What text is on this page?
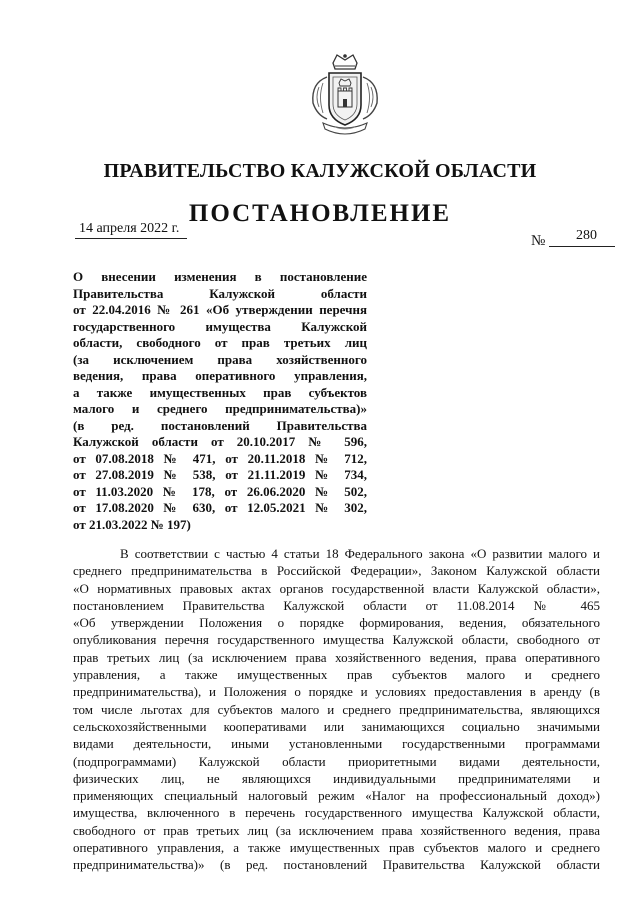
ПРАВИТЕЛЬСТВО КАЛУЖСКОЙ ОБЛАСТИ
ПОСТАНОВЛЕНИЕ
14 апреля 2022 г.
№ 280
О внесении изменения в постановление
Правительства Калужской области
от 22.04.2016 № 261 «Об утверждении перечня
государственного имущества Калужской
области, свободного от прав третьих лиц
(за исключением права хозяйственного
ведения, права оперативного управления,
а также имущественных прав субъектов
малого и среднего предпринимательства)»
(в ред. постановлений Правительства
Калужской области от 20.10.2017 № 596,
от 07.08.2018 № 471, от 20.11.2018 № 712,
от 27.08.2019 № 538, от 21.11.2019 № 734,
от 11.03.2020 № 178, от 26.06.2020 № 502,
от 17.08.2020 № 630, от 12.05.2021 № 302,
от 21.03.2022 № 197)
В соответствии с частью 4 статьи 18 Федерального закона «О развитии малого и
среднего предпринимательства в Российской Федерации», Законом Калужской области
«О нормативных правовых актах органов государственной власти Калужской области»,
постановлением Правительства Калужской области от 11.08.2014 № 465
«Об утверждении Положения о порядке формирования, ведения, обязательного
опубликования перечня государственного имущества Калужской области, свободного от
прав третьих лиц (за исключением права хозяйственного ведения, права оперативного
управления, а также имущественных прав субъектов малого и среднего
предпринимательства), и Положения о порядке и условиях предоставления в аренду (в
том числе льготах для субъектов малого и среднего предпринимательства, являющихся
сельскохозяйственными кооперативами или занимающихся социально значимыми
видами деятельности, иными установленными государственными программами
(подпрограммами) Калужской области приоритетными видами деятельности,
физических лиц, не являющихся индивидуальными предпринимателями и
применяющих специальный налоговый режим «Налог на профессиональный доход»)
имущества, включенного в перечень государственного имущества Калужской области,
свободного от прав третьих лиц (за исключением права хозяйственного ведения, права
оперативного управления, а также имущественных прав субъектов малого и среднего
предпринимательства)» (в ред. постановлений Правительства Калужской области
